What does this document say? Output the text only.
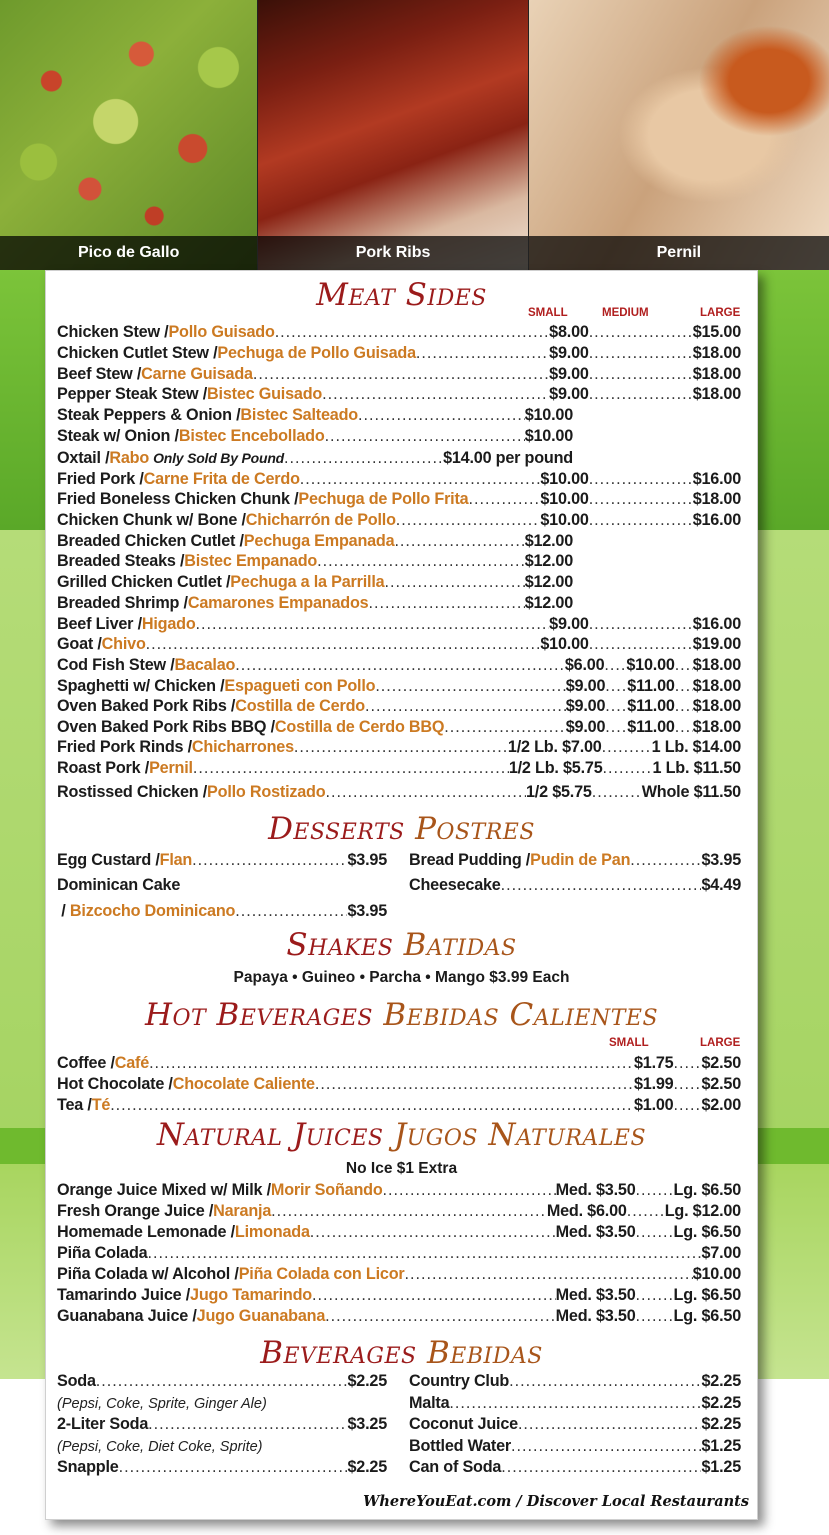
Pico de Gallo	Pork Ribs	Pernil
Meat Sides	SMALL	MEDIUM	LARGE
Chicken Stew / Pollo Guisado .....	$8.00 .....	$15.00
Chicken Cutlet Stew / Pechuga de Pollo Guisada .....	$9.00 .....	$18.00
Beef Stew / Carne Guisada .....	$9.00 .....	$18.00
Pepper Steak Stew / Bistec Guisado .....	$9.00 .....	$18.00
Steak Peppers & Onion / Bistec Salteado .....	$10.00
Steak w/ Onion / Bistec Encebollado .....	$10.00
Oxtail / Rabo Only Sold By Pound .....	$14.00 per pound
Fried Pork / Carne Frita de Cerdo .....	$10.00 .....	$16.00
Fried Boneless Chicken Chunk / Pechuga de Pollo Frita .....	$10.00 .....	$18.00
Chicken Chunk w/ Bone / Chicharrón de Pollo .....	$10.00 .....	$16.00
Breaded Chicken Cutlet / Pechuga Empanada .....	$12.00
Breaded Steaks / Bistec Empanado .....	$12.00
Grilled Chicken Cutlet / Pechuga a la Parrilla .....	$12.00
Breaded Shrimp / Camarones Empanados .....	$12.00
Beef Liver / Higado .....	$9.00 .....	$16.00
Goat / Chivo .....	$10.00 .....	$19.00
Cod Fish Stew / Bacalao .....	$6.00 ..... $10.00 ..... $18.00
Spaghetti w/ Chicken / Espagueti con Pollo .....	$9.00 ..... $11.00 ..... $18.00
Oven Baked Pork Ribs / Costilla de Cerdo .....	$9.00 ..... $11.00 ..... $18.00
Oven Baked Pork Ribs BBQ / Costilla de Cerdo BBQ .....	$9.00 ..... $11.00 ..... $18.00
Fried Pork Rinds / Chicharrones .....	1/2 Lb. $7.00 .....	1 Lb. $14.00
Roast Pork / Pernil .....	1/2 Lb. $5.75 .....	1 Lb. $11.50
Rostissed Chicken / Pollo Rostizado .....	1/2 $5.75 .....	Whole $11.50
Desserts Postres
Egg Custard / Flan .....	$3.95
Dominican Cake
/ Bizcocho Dominicano .....	$3.95
Bread Pudding / Pudin de Pan .....	$3.95
Cheesecake .....	$4.49
Shakes Batidas
Papaya • Guineo • Parcha • Mango $3.99 Each
Hot Beverages Bebidas Calientes
SMALL	LARGE
Coffee / Café .....	$1.75 ..... $2.50
Hot Chocolate / Chocolate Caliente .....	$1.99 ..... $2.50
Tea / Té .....	$1.00 ..... $2.00
Natural Juices Jugos Naturales
No Ice $1 Extra
Orange Juice Mixed w/ Milk / Morir Soñando .....	Med. $3.50 ..... Lg. $6.50
Fresh Orange Juice / Naranja .....	Med. $6.00 ..... Lg. $12.00
Homemade Lemonade / Limonada .....	Med. $3.50 ..... Lg. $6.50
Piña Colada .....	$7.00
Piña Colada w/ Alcohol / Piña Colada con Licor .....	$10.00
Tamarindo Juice / Jugo Tamarindo .....	Med. $3.50 ..... Lg. $6.50
Guanabana Juice / Jugo Guanabana .....	Med. $3.50 ..... Lg. $6.50
Beverages Bebidas
Soda .....	$2.25
(Pepsi, Coke, Sprite, Ginger Ale)
2-Liter Soda .....	$3.25
(Pepsi, Coke, Diet Coke, Sprite)
Snapple .....	$2.25
Country Club .....	$2.25
Malta .....	$2.25
Coconut Juice .....	$2.25
Bottled Water .....	$1.25
Can of Soda .....	$1.25
WhereYouEat.com / Discover Local Restaurants
